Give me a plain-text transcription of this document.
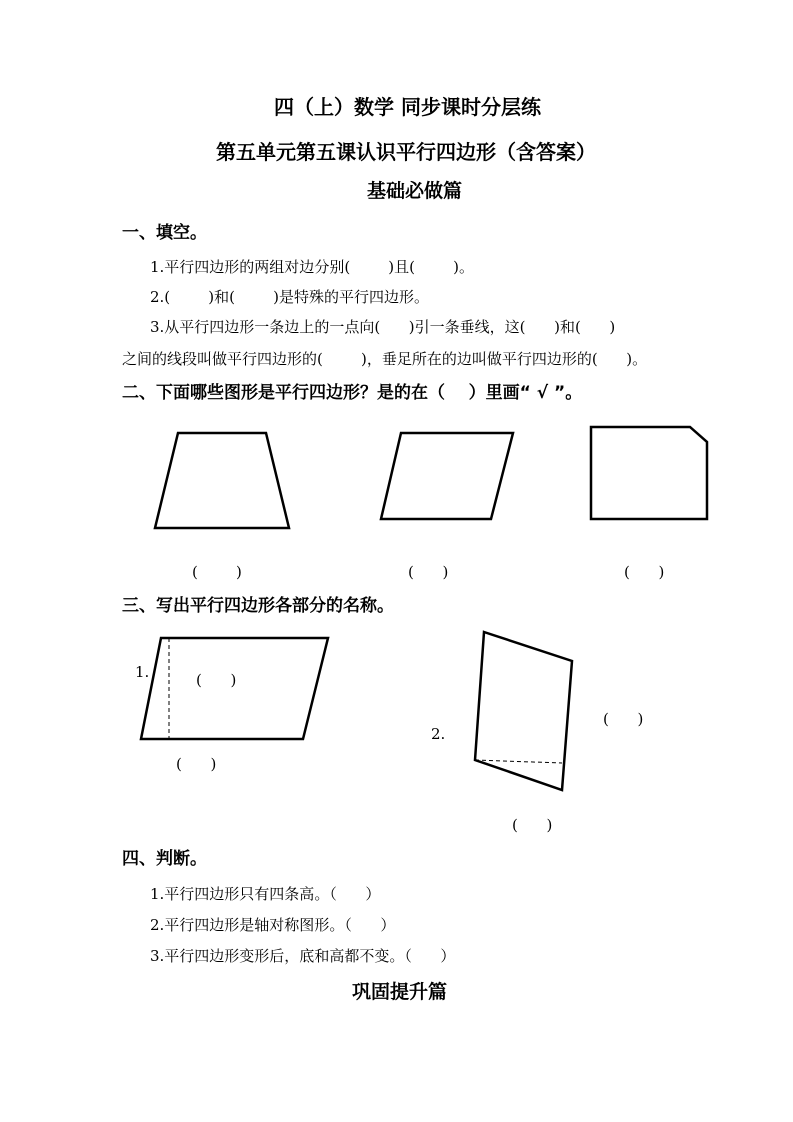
四（上）数学 同步课时分层练
第五单元第五课认识平行四边形（含答案）
基础必做篇
一、填空。
1.平行四边形的两组对边分别(        )且(        )。
2.(        )和(        )是特殊的平行四边形。
3.从平行四边形一条边上的一点向(      )引一条垂线，这(      )和(      )
之间的线段叫做平行四边形的(        )，垂足所在的边叫做平行四边形的(      )。
二、下面哪些图形是平行四边形？是的在（    ）里画“ √ ”。
(        )	(      )	(      )
三、写出平行四边形各部分的名称。
1.	(      )
(      )
2.
(      )
(      )
四、判断。
1.平行四边形只有四条高。（      ）
2.平行四边形是轴对称图形。（      ）
3.平行四边形变形后，底和高都不变。（      ）
巩固提升篇
